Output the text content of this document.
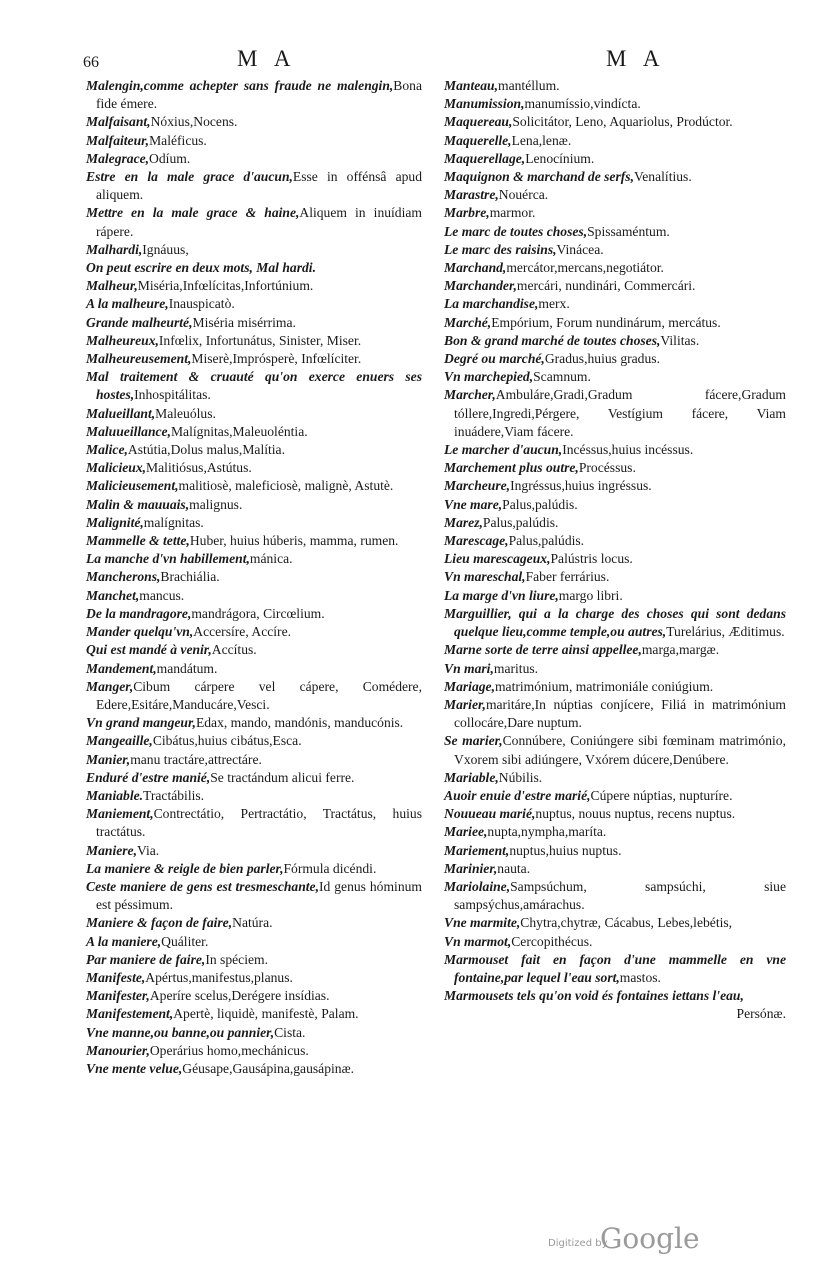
66	M A	M A

Malengin,comme achepter sans fraude ne malengin,Bona fide émere.

Malfaisant,Nóxius,Nocens.

Malfaiteur,Maléficus.

Malegrace,Odíum.

Estre en la male grace d'aucun,Esse in offénsâ apud aliquem.

Mettre en la male grace & haine,Aliquem in inuídiam rápere.

Malhardi,Ignáuus,

On peut escrire en deux mots, Mal hardi.

Malheur,Misériа,Infœlícitas,Infortúnium.

A la malheure,Inauspicatò.

Grande malheurté,Miséria misérrima.

Malheureux,Infœlix, Infortunátus, Sinister, Miser.

Malheureusement,Miserè,Imprósperè, Infœlíciter.

Mal traitement & cruauté qu'on exerce enuers ses hostes,Inhospitálitas.

Malueillant,Maleuólus.

Maluueillance,Malígnitas,Maleuoléntia.

Malice,Astútia,Dolus malus,Malítia.

Malicieux,Malitiósus,Astútus.

Malicieusement,malitiosè, maleficiosè, malignè, Astutè.

Malin & mauuais,malignus.

Malignité,malígnitas.

Mammelle & tette,Huber, huius húberis, mamma, rumen.

La manche d'vn habillement,mánica.

Mancherons,Brachiália.

Manchet,mancus.

De la mandragore,mandrágora, Circœlium.

Mander quelqu'vn,Accersíre, Accíre.

Qui est mandé à venir,Accítus.

Mandement,mandátum.

Manger,Cibum cárpere vel cápere, Comédere, Edere,Esitáre,Manducáre,Vesci.

Vn grand mangeur,Edax, mando, mandónis, manducónis.

Mangeaille,Cibátus,huius cibátus,Esca.

Manier,manu tractáre,attrectáre.

Enduré d'estre manié,Se tractándum alicui ferre.

Maniable.Tractábilis.

Maniement,Contrectátio, Pertractátio, Tractátus, huius tractátus.

Maniere,Via.

La maniere & reigle de bien parler,Fórmula dicéndi.

Ceste maniere de gens est tresmeschante,Id genus hóminum est péssimum.

Maniere & façon de faire,Natúra.

A la maniere,Quáliter.

Par maniere de faire,In spéciem.

Manifeste,Apértus,manifestus,planus.

Manifester,Aperíre scelus,Derégere insídias.

Manifestement,Apertè, liquidè, manifestè, Palam.

Vne manne,ou banne,ou pannier,Cista.

Manourier,Operárius homo,mechánicus.

Vne mente velue,Géusape,Gausápina,gausápinæ.

Manteau,mantéllum.

Manumission,manumíssio,vindícta.

Maquereau,Solicitátor, Leno, Aquariolus, Prodúctor.

Maquerelle,Lena,lenæ.

Maquerellage,Lenocínium.

Maquignon & marchand de serfs,Venalítius.

Marastre,Nouérca.

Marbre,marmor.

Le marc de toutes choses,Spissaméntum.

Le marc des raisins,Vinácea.

Marchand,mercátor,mercans,negotiátor.

Marchander,mercári, nundinári, Commercári.

La marchandise,merx.

Marché,Empórium, Forum nundinárum, mercátus.

Bon & grand marché de toutes choses,Vilitas.

Degré ou marché,Gradus,huius gradus.

Vn marchepied,Scamnum.

Marcher,Ambuláre,Gradi,Gradum fácere,Gradum tóllere,Ingredi,Pérgere, Vestígium fácere, Viam inuádere,Viam fácere.

Le marcher d'aucun,Incéssus,huius incéssus.

Marchement plus outre,Procéssus.

Marcheure,Ingréssus,huius ingréssus.

Vne mare,Palus,palúdis.

Marez,Palus,palúdis.

Marescage,Palus,palúdis.

Lieu marescageux,Palústris locus.

Vn mareschal,Faber ferrárius.

La marge d'vn liure,margo libri.

Marguillier, qui a la charge des choses qui sont dedans quelque lieu,comme temple,ou autres,Turelárius, Æditimus.

Marne sorte de terre ainsi appellee,marga,margæ.

Vn mari,maritus.

Mariage,matrimónium, matrimoniále coniúgium.

Marier,maritáre,In núptias conjícere, Filiá in matrimónium collocáre,Dare nuptum.

Se marier,Connúbere, Coniúngere sibi fœminam matrimónio, Vxorem sibi adiúngere, Vxórem dúcere,Denúbere.

Mariable,Núbilis.

Auoir enuie d'estre marié,Cúpere núptias, nupturíre.

Nouueau marié,nuptus, nouus nuptus, recens nuptus.

Mariee,nupta,nympha,maríta.

Mariement,nuptus,huius nuptus.

Marinier,nauta.

Mariolaine,Sampsúchum, sampsúchi, siue sampsýchus,amárachus.

Vne marmite,Chytra,chytræ, Cácabus, Lebes,lebétis,

Vn marmot,Cercopithécus.

Marmouset fait en façon d'une mammelle en vne fontaine,par lequel l'eau sort,mastos.

Marmousets tels qu'on void és fontaines iettans l'eau,

Persónæ.

Digitized by
Google
